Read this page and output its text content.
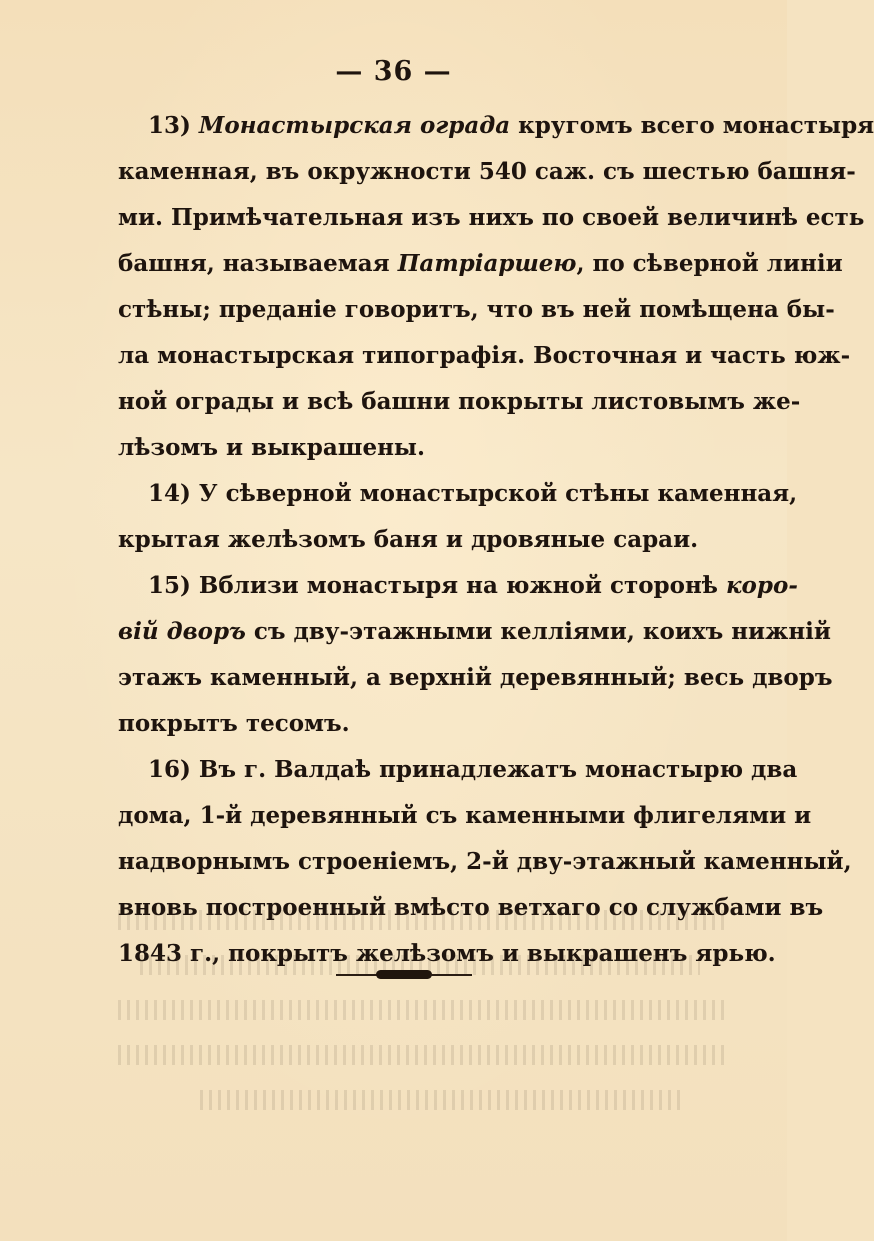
— 36 —
13) Монастырская ограда кругомъ всего монастыря
каменная, въ окружности 540 саж. съ шестью башня-
ми. Примѣчательная изъ нихъ по своей величинѣ есть
башня, называемая Патріаршею, по сѣверной линіи
стѣны; преданіе говоритъ, что въ ней помѣщена бы-
ла монастырская типографія. Восточная и часть юж-
ной ограды и всѣ башни покрыты листовымъ же-
лѣзомъ и выкрашены.
14) У сѣверной монастырской стѣны каменная,
крытая желѣзомъ баня и дровяные сараи.
15) Вблизи монастыря на южной сторонѣ коро-
вій дворъ съ дву-этажными келліями, коихъ нижній
этажъ каменный, а верхній деревянный; весь дворъ
покрытъ тесомъ.
16) Въ г. Валдаѣ принадлежатъ монастырю два
дома, 1-й деревянный съ каменными флигелями и
надворнымъ строеніемъ, 2-й дву-этажный каменный,
вновь построенный вмѣсто ветхаго со службами въ
1843 г., покрытъ желѣзомъ и выкрашенъ ярью.
